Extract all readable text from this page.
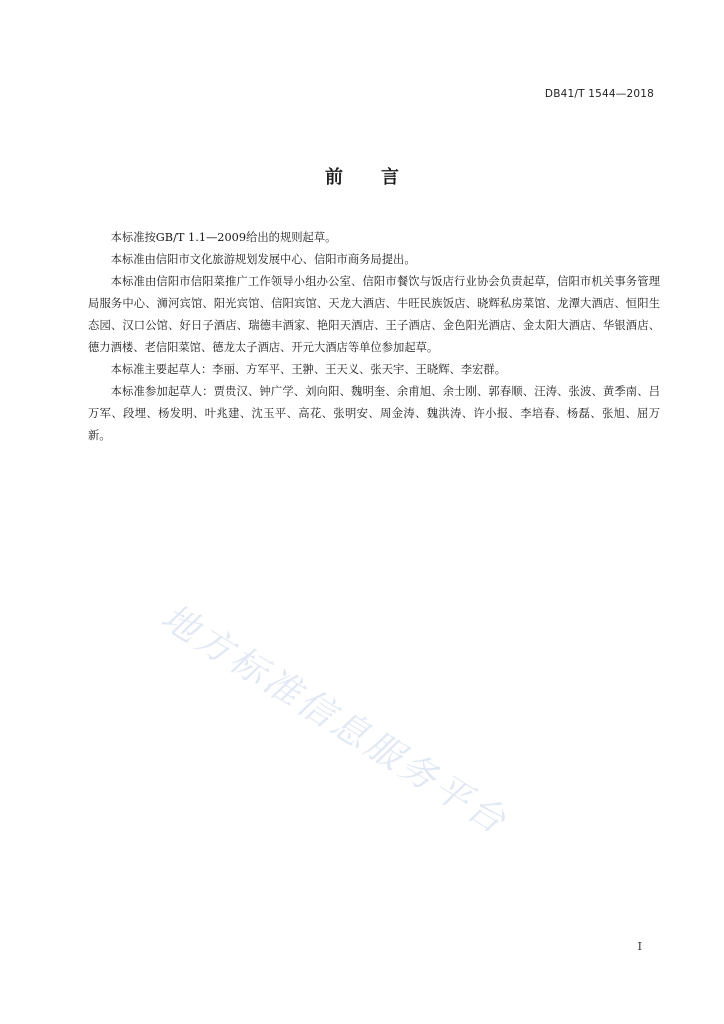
DB41/T 1544—2018
前言

本标准按GB/T 1.1—2009给出的规则起草。

本标准由信阳市文化旅游规划发展中心、信阳市商务局提出。

本标准由信阳市信阳菜推广工作领导小组办公室、信阳市餐饮与饭店行业协会负责起草，信阳市机关事务管理局服务中心、浉河宾馆、阳光宾馆、信阳宾馆、天龙大酒店、牛旺民族饭店、晓辉私房菜馆、龙潭大酒店、恒阳生态园、汉口公馆、好日子酒店、瑞德丰酒家、艳阳天酒店、王子酒店、金色阳光酒店、金太阳大酒店、华银酒店、德力酒楼、老信阳菜馆、德龙太子酒店、开元大酒店等单位参加起草。

本标准主要起草人：李丽、方军平、王翀、王天义、张天宇、王晓辉、李宏群。

本标准参加起草人：贾贵汉、钟广学、刘向阳、魏明奎、余甫旭、余士刚、郭春顺、汪涛、张波、黄季南、吕万军、段埋、杨发明、叶兆建、沈玉平、高花、张明安、周金涛、魏洪涛、许小报、李培春、杨磊、张旭、屈万新。

地方标准信息服务平台
I
